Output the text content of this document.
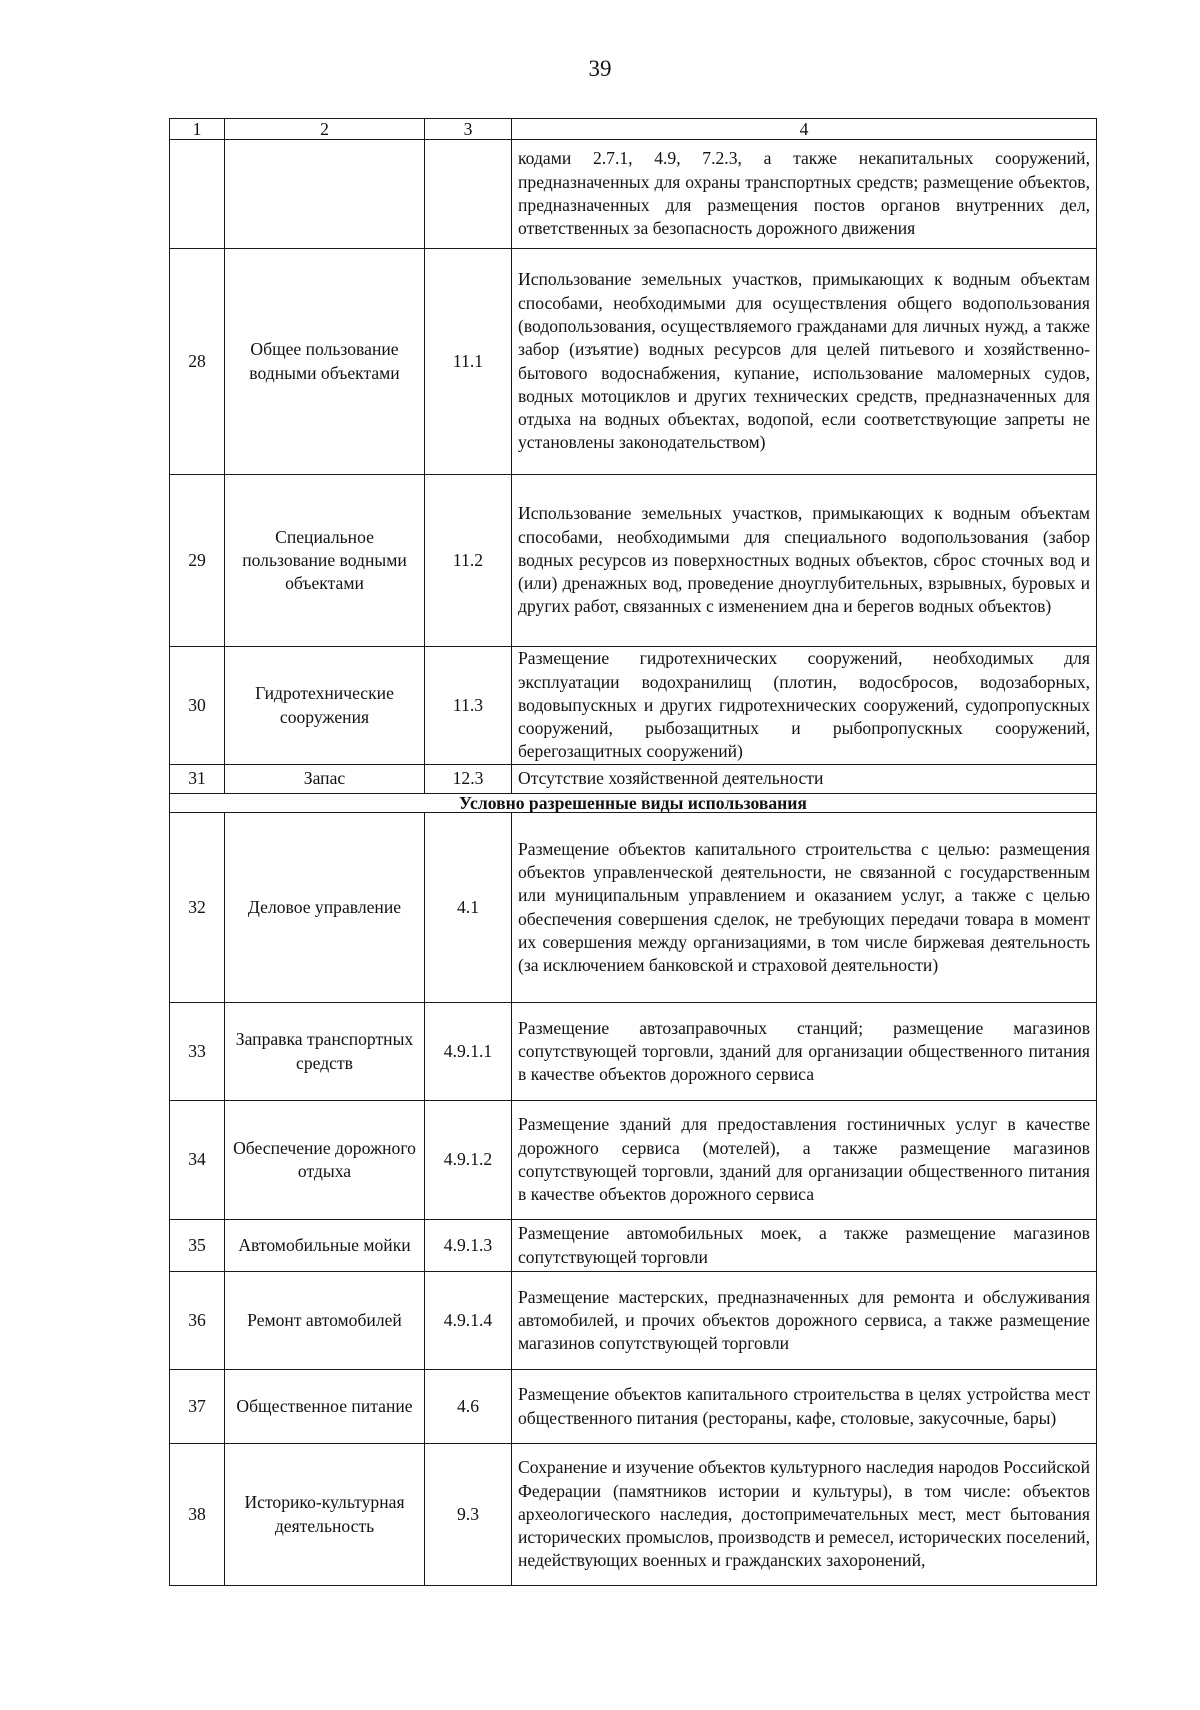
39
1	2	3	4
			кодами 2.7.1, 4.9, 7.2.3, а также некапитальных сооружений, предназначенных для охраны транспортных средств; размещение объектов, предназначенных для размещения постов органов внутренних дел, ответственных за безопасность дорожного движения
28	Общее пользование водными объектами	11.1	Использование земельных участков, примыкающих к водным объектам способами, необходимыми для осуществления общего водопользования (водопользования, осуществляемого гражданами для личных нужд, а также забор (изъятие) водных ресурсов для целей питьевого и хозяйственно-бытового водоснабжения, купание, использование маломерных судов, водных мотоциклов и других технических средств, предназначенных для отдыха на водных объектах, водопой, если соответствующие запреты не установлены законодательством)
29	Специальное пользование водными объектами	11.2	Использование земельных участков, примыкающих к водным объектам способами, необходимыми для специального водопользования (забор водных ресурсов из поверхностных водных объектов, сброс сточных вод и (или) дренажных вод, проведение дноуглубительных, взрывных, буровых и других работ, связанных с изменением дна и берегов водных объектов)
30	Гидротехнические сооружения	11.3	Размещение гидротехнических сооружений, необходимых для эксплуатации водохранилищ (плотин, водосбросов, водозаборных, водовыпускных и других гидротехнических сооружений, судопропускных сооружений, рыбозащитных и рыбопропускных сооружений, берегозащитных сооружений)
31	Запас	12.3	Отсутствие хозяйственной деятельности
Условно разрешенные виды использования			
32	Деловое управление	4.1	Размещение объектов капитального строительства с целью: размещения объектов управленческой деятельности, не связанной с государственным или муниципальным управлением и оказанием услуг, а также с целью обеспечения совершения сделок, не требующих передачи товара в момент их совершения между организациями, в том числе биржевая деятельность (за исключением банковской и страховой деятельности)
33	Заправка транспортных средств	4.9.1.1	Размещение автозаправочных станций; размещение магазинов сопутствующей торговли, зданий для организации общественного питания в качестве объектов дорожного сервиса
34	Обеспечение дорожного отдыха	4.9.1.2	Размещение зданий для предоставления гостиничных услуг в качестве дорожного сервиса (мотелей), а также размещение магазинов сопутствующей торговли, зданий для организации общественного питания в качестве объектов дорожного сервиса
35	Автомобильные мойки	4.9.1.3	Размещение автомобильных моек, а также размещение магазинов сопутствующей торговли
36	Ремонт автомобилей	4.9.1.4	Размещение мастерских, предназначенных для ремонта и обслуживания автомобилей, и прочих объектов дорожного сервиса, а также размещение магазинов сопутствующей торговли
37	Общественное питание	4.6	Размещение объектов капитального строительства в целях устройства мест общественного питания (рестораны, кафе, столовые, закусочные, бары)
38	Историко-культурная деятельность	9.3	Сохранение и изучение объектов культурного наследия народов Российской Федерации (памятников истории и культуры), в том числе: объектов археологического наследия, достопримечательных мест, мест бытования исторических промыслов, производств и ремесел, исторических поселений, недействующих военных и гражданских захоронений,
